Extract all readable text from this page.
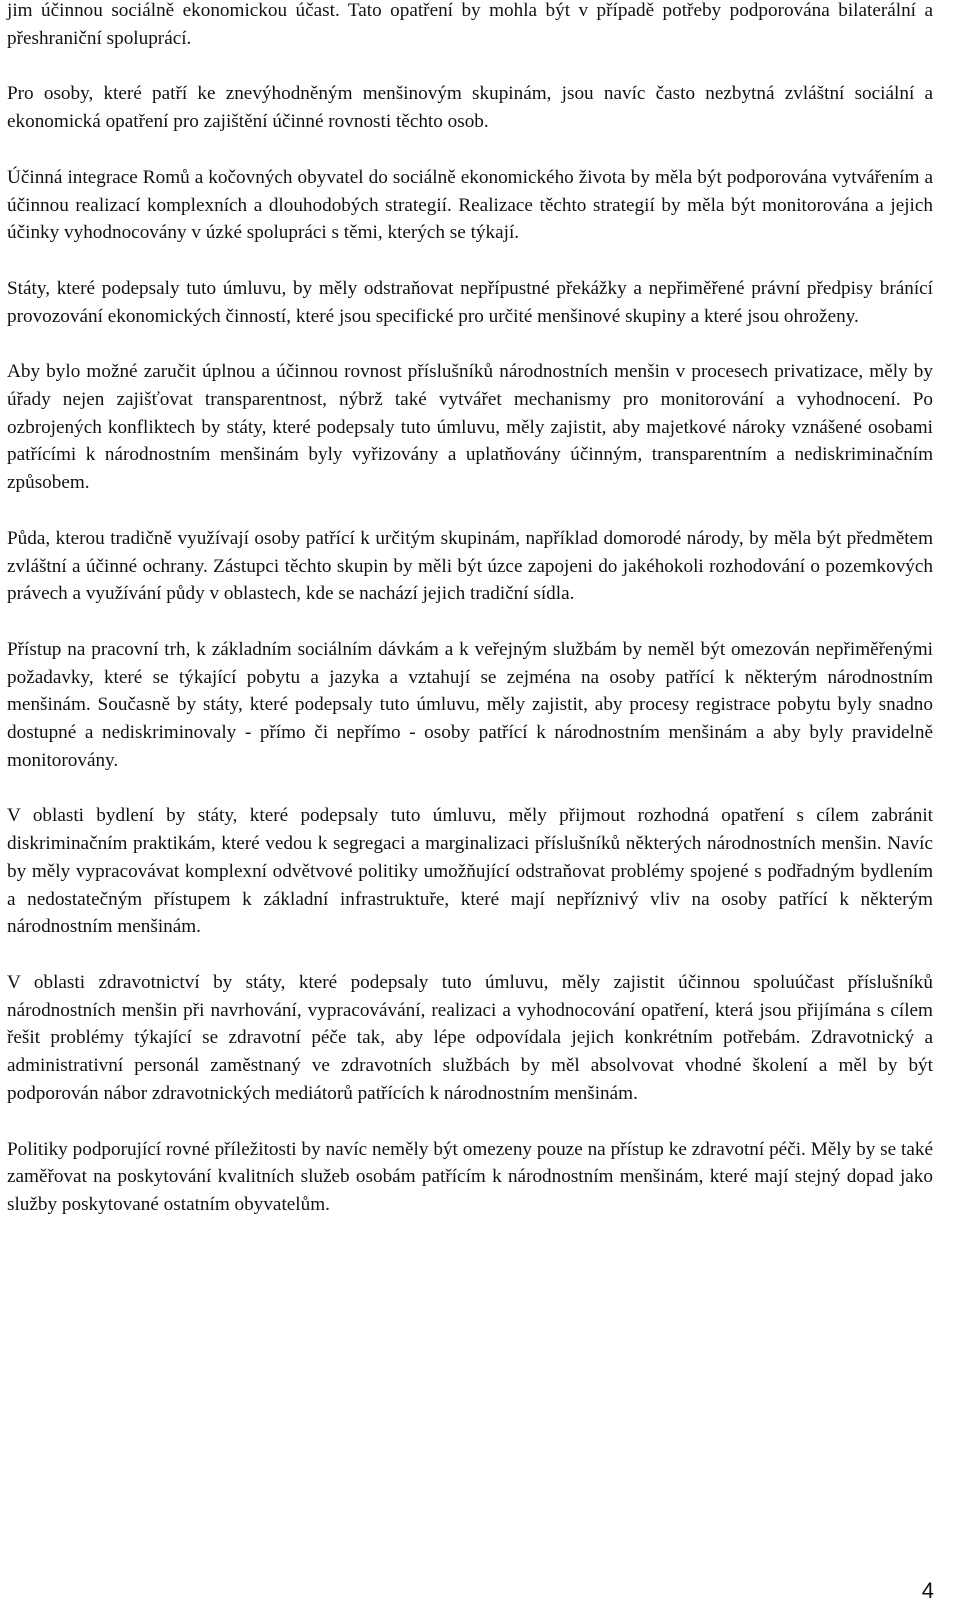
jim účinnou sociálně ekonomickou účast. Tato opatření by mohla být v případě potřeby podporována bilaterální a přeshraniční spoluprácí.

Pro osoby, které patří ke znevýhodněným menšinovým skupinám, jsou navíc často nezbytná zvláštní sociální a ekonomická opatření pro zajištění účinné rovnosti těchto osob.

Účinná integrace Romů a kočovných obyvatel do sociálně ekonomického života by měla být podporována vytvářením a účinnou realizací komplexních a dlouhodobých strategií. Realizace těchto strategií by měla být monitorována a jejich účinky vyhodnocovány v úzké spolupráci s těmi, kterých se týkají.

Státy, které podepsaly tuto úmluvu, by měly odstraňovat nepřípustné překážky a nepřiměřené právní předpisy bránící provozování ekonomických činností, které jsou specifické pro určité menšinové skupiny a které jsou ohroženy.

Aby bylo možné zaručit úplnou a účinnou rovnost příslušníků národnostních menšin v procesech privatizace, měly by úřady nejen zajišťovat transparentnost, nýbrž také vytvářet mechanismy pro monitorování a vyhodnocení. Po ozbrojených konfliktech by státy, které podepsaly tuto úmluvu, měly zajistit, aby majetkové nároky vznášené osobami patřícími k národnostním menšinám byly vyřizovány a uplatňovány účinným, transparentním a nediskriminačním způsobem.

Půda, kterou tradičně využívají osoby patřící k určitým skupinám, například domorodé národy, by měla být předmětem zvláštní a účinné ochrany. Zástupci těchto skupin by měli být úzce zapojeni do jakéhokoli rozhodování o pozemkových právech a využívání půdy v oblastech, kde se nachází jejich tradiční sídla.

Přístup na pracovní trh, k základním sociálním dávkám a k veřejným službám by neměl být omezován nepřiměřenými požadavky, které se týkající pobytu a jazyka a vztahují se zejména na osoby patřící k některým národnostním menšinám. Současně by státy, které podepsaly tuto úmluvu, měly zajistit, aby procesy registrace pobytu byly snadno dostupné a nediskriminovaly - přímo či nepřímo - osoby patřící k národnostním menšinám a aby byly pravidelně monitorovány.

V oblasti bydlení by státy, které podepsaly tuto úmluvu, měly přijmout rozhodná opatření s cílem zabránit diskriminačním praktikám, které vedou k segregaci a marginalizaci příslušníků některých národnostních menšin. Navíc by měly vypracovávat komplexní odvětvové politiky umožňující odstraňovat problémy spojené s podřadným bydlením a nedostatečným přístupem k základní infrastruktuře, které mají nepříznivý vliv na osoby patřící k některým národnostním menšinám.

V oblasti zdravotnictví by státy, které podepsaly tuto úmluvu, měly zajistit účinnou spoluúčast příslušníků národnostních menšin při navrhování, vypracovávání, realizaci a vyhodnocování opatření, která jsou přijímána s cílem řešit problémy týkající se zdravotní péče tak, aby lépe odpovídala jejich konkrétním potřebám. Zdravotnický a administrativní personál zaměstnaný ve zdravotních službách by měl absolvovat vhodné školení a měl by být podporován nábor zdravotnických mediátorů patřících k národnostním menšinám.

Politiky podporující rovné příležitosti by navíc neměly být omezeny pouze na přístup ke zdravotní péči. Měly by se také zaměřovat na poskytování kvalitních služeb osobám patřícím k národnostním menšinám, které mají stejný dopad jako služby poskytované ostatním obyvatelům.

4
